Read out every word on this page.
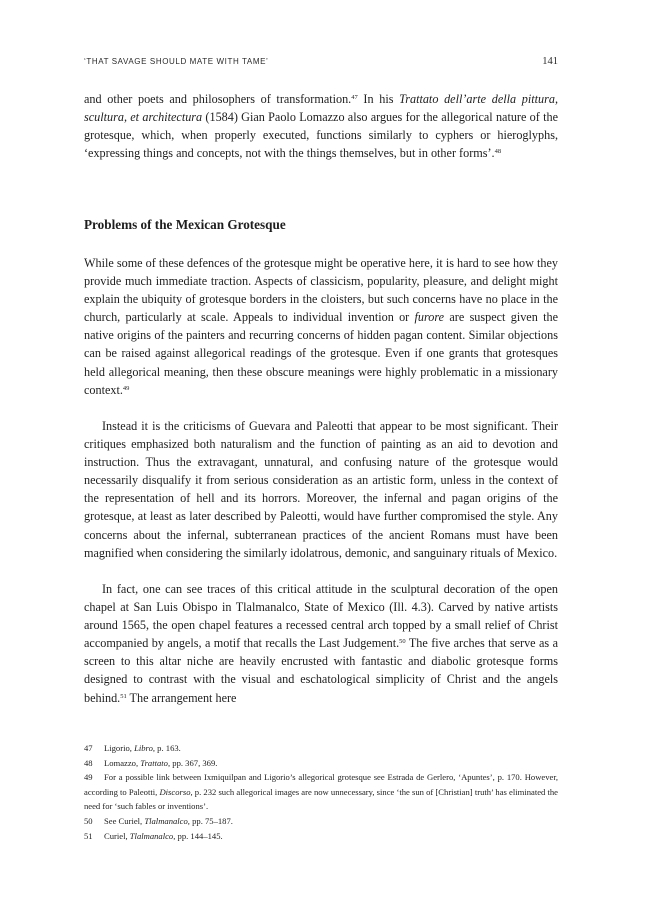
‘THAT SAVAGE SHOULD MATE WITH TAME’	141

and other poets and philosophers of transformation.$^{47}$ In his Trattato dell’arte della pittura, scultura, et architectura (1584) Gian Paolo Lomazzo also argues for the allegorical nature of the grotesque, which, when properly executed, functions similarly to cyphers or hieroglyphs, ‘expressing things and concepts, not with the things themselves, but in other forms’.$^{48}$

Problems of the Mexican Grotesque

While some of these defences of the grotesque might be operative here, it is hard to see how they provide much immediate traction. Aspects of classicism, popularity, pleasure, and delight might explain the ubiquity of grotesque borders in the cloisters, but such concerns have no place in the church, particularly at scale. Appeals to individual invention or furore are suspect given the native origins of the painters and recurring concerns of hidden pagan content. Similar objections can be raised against allegorical readings of the grotesque. Even if one grants that grotesques held allegorical meaning, then these obscure meanings were highly problematic in a missionary context.$^{49}$

Instead it is the criticisms of Guevara and Paleotti that appear to be most significant. Their critiques emphasized both naturalism and the function of painting as an aid to devotion and instruction. Thus the extravagant, unnatural, and confusing nature of the grotesque would necessarily disqualify it from serious consideration as an artistic form, unless in the context of the representation of hell and its horrors. Moreover, the infernal and pagan origins of the grotesque, at least as later described by Paleotti, would have further compromised the style. Any concerns about the infernal, subterranean practices of the ancient Romans must have been magnified when considering the similarly idolatrous, demonic, and sanguinary rituals of Mexico.

In fact, one can see traces of this critical attitude in the sculptural decoration of the open chapel at San Luis Obispo in Tlalmanalco, State of Mexico (Ill. 4.3). Carved by native artists around 1565, the open chapel features a recessed central arch topped by a small relief of Christ accompanied by angels, a motif that recalls the Last Judgement.$^{50}$ The five arches that serve as a screen to this altar niche are heavily encrusted with fantastic and diabolic grotesque forms designed to contrast with the visual and eschatological simplicity of Christ and the angels behind.$^{51}$ The arrangement here

47 Ligorio, Libro, p. 163.

48 Lomazzo, Trattato, pp. 367, 369.

49 For a possible link between Ixmiquilpan and Ligorio’s allegorical grotesque see Estrada de Gerlero, ‘Apuntes’, p. 170. However, according to Paleotti, Discorso, p. 232 such allegorical images are now unnecessary, since ‘the sun of [Christian] truth’ has eliminated the need for ‘such fables or inventions’.

50 See Curiel, Tlalmanalco, pp. 75–187.

51 Curiel, Tlalmanalco, pp. 144–145.
